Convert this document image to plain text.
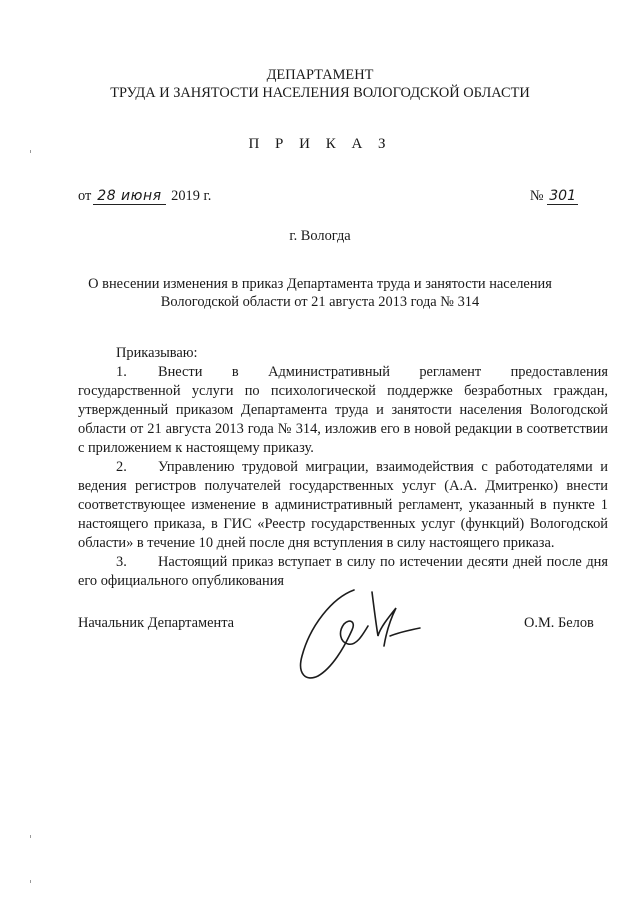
ДЕПАРТАМЕНТ
ТРУДА И ЗАНЯТОСТИ НАСЕЛЕНИЯ ВОЛОГОДСКОЙ ОБЛАСТИ
П Р И К А З
от 28 июня 2019 г.	№ 301
г. Вологда
О внесении изменения в приказ Департамента труда и занятости населения
Вологодской области от 21 августа 2013 года № 314

Приказываю:

1. Внести в Административный регламент предоставления государственной услуги по психологической поддержке безработных граждан, утвержденный приказом Департамента труда и занятости населения Вологодской области от 21 августа 2013 года № 314, изложив его в новой редакции в соответствии с приложением к настоящему приказу.

2. Управлению трудовой миграции, взаимодействия с работодателями и ведения регистров получателей государственных услуг (А.А. Дмитренко) внести соответствующее изменение в административный регламент, указанный в пункте 1 настоящего приказа, в ГИС «Реестр государственных услуг (функций) Вологодской области» в течение 10 дней после дня вступления в силу настоящего приказа.

3. Настоящий приказ вступает в силу по истечении десяти дней после дня его официального опубликования

Начальник Департамента	О.М. Белов
